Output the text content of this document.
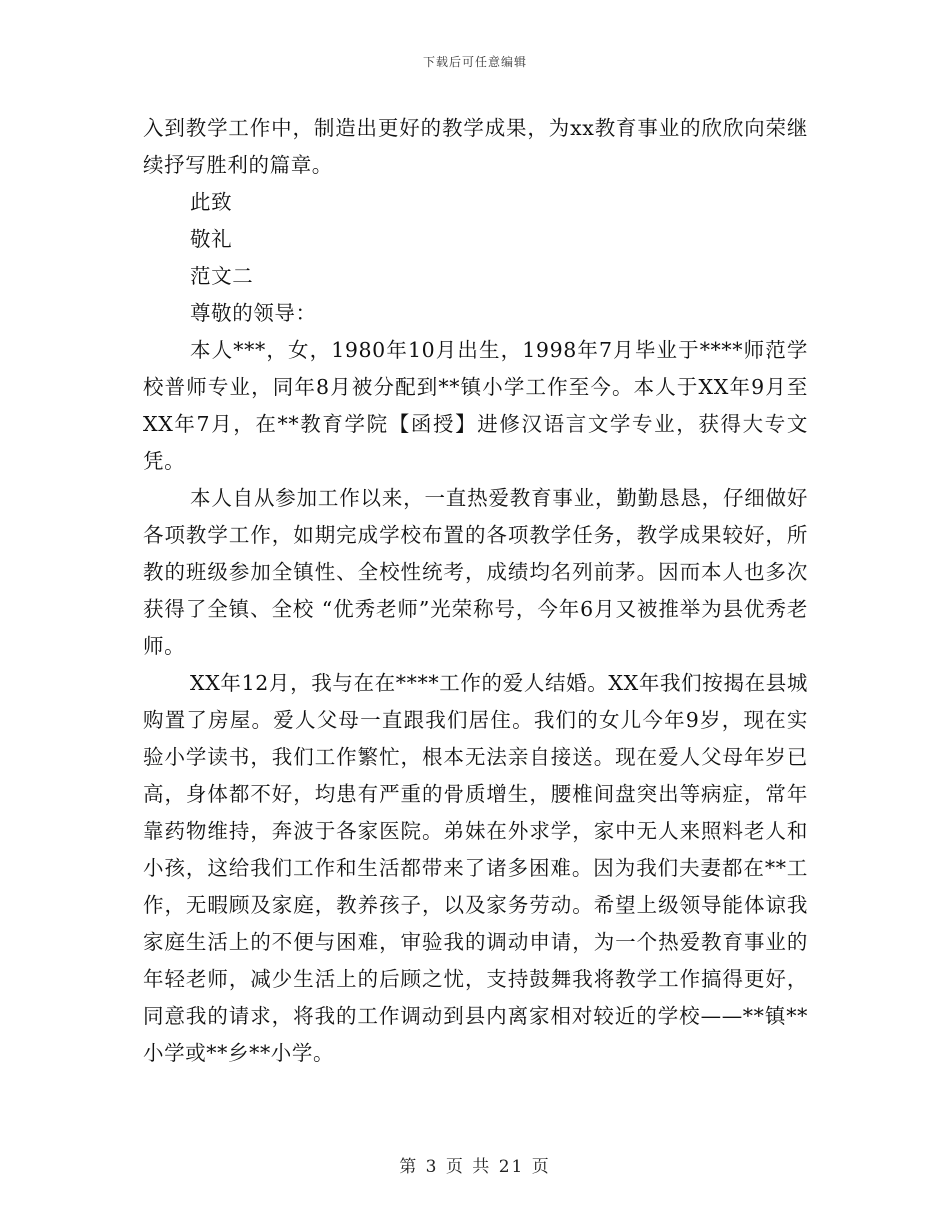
下载后可任意编辑

入到教学工作中，制造出更好的教学成果，为xx教育事业的欣欣向荣继续抒写胜利的篇章。

此致

敬礼

范文二

尊敬的领导：

本人***，女，1980年10月出生，1998年7月毕业于****师范学校普师专业，同年8月被分配到**镇小学工作至今。本人于XX年9月至XX年7月，在**教育学院【函授】进修汉语言文学专业，获得大专文凭。

本人自从参加工作以来，一直热爱教育事业，勤勤恳恳，仔细做好各项教学工作，如期完成学校布置的各项教学任务，教学成果较好，所教的班级参加全镇性、全校性统考，成绩均名列前茅。因而本人也多次获得了全镇、全校 “优秀老师”光荣称号，今年6月又被推举为县优秀老师。

XX年12月，我与在在****工作的爱人结婚。XX年我们按揭在县城购置了房屋。爱人父母一直跟我们居住。我们的女儿今年9岁，现在实验小学读书，我们工作繁忙，根本无法亲自接送。现在爱人父母年岁已高，身体都不好，均患有严重的骨质增生，腰椎间盘突出等病症，常年靠药物维持，奔波于各家医院。弟妹在外求学，家中无人来照料老人和小孩，这给我们工作和生活都带来了诸多困难。因为我们夫妻都在**工作，无暇顾及家庭，教养孩子，以及家务劳动。希望上级领导能体谅我家庭生活上的不便与困难，审验我的调动申请，为一个热爱教育事业的年轻老师，减少生活上的后顾之忧，支持鼓舞我将教学工作搞得更好，同意我的请求，将我的工作调动到县内离家相对较近的学校——**镇**小学或**乡**小学。

第 3 页 共 21 页
